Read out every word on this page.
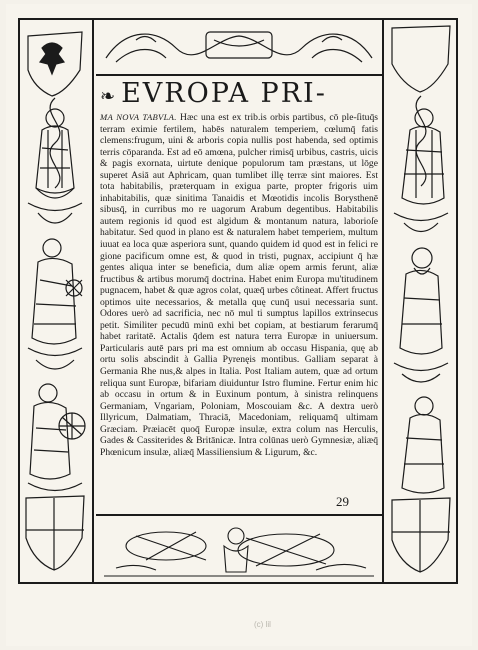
❧ EVROPA PRI-
MA NOVA TABVLA. Hæc una est ex trib.is orbis partibus, cō ple-ſituq̄s terram eximie fertilem, habēs naturalem temperiem, cœlumq̄ fatis clemens:frugum, uini & arboris copia nullis post habenda, sed optimis terris cōparanda. Est ad eō amœna, pulcher rimisq̄ urbibus, castris, uicis & pagis exornata, uirtute denique populorum tam præstans, ut lōge superet Asiā aut Aphricam, quan tumlibet illę terræ sint maiores. Est tota habitabilis, præterquam in exigua parte, propter frigoris uim inhabitabilis, quæ sinitima Tanaidis et Mœotidis incolis Borysthenē sibusq̄, in curribus mo re uagorum Arabum degentibus. Habitabilis autem regionis id quod est algidum & montanum natura, laborioſe habitatur. Sed quod in plano est & naturalem habet temperiem, multum iuuat ea loca quæ asperiora sunt, quando quidem id quod est in felici re gione pacificum omne est, & quod in tristi, pugnax, accipiunt q̄ hæ gentes aliqua inter se beneficia, dum aliæ opem armis ferunt, aliæ fructibus & artibus morumq̄ doctrina. Habet enim Europa mu'titudinem pugnacem, habet & quæ agros colat, quæq̄ urbes côtineat. Affert fructus optimos uite necessarios, & metalla quę cunq̄ usui necessaria sunt. Odores uerò ad sacrificia, nec nō mul ti sumptus lapillos extrinsecus petit. Similiter pecudū minū exhi bet copiam, at bestiarum ferarumq̄ habet raritatē. Actalis q̄dem est natura terra Europæ in uniuersum. Particularis autē pars pri ma est omnium ab occasu Hispania, quę ab ortu solis abscindit à Gallia Pyrenęis montibus. Galliam separat à Germania Rhe nus,& alpes in Italia. Post Italiam autem, quæ ad ortum reliqua sunt Europæ, bifariam diuiduntur Istro flumine. Fertur enim hic ab occasu in ortum & in Euxinum pontum, à sinistra relinquens Germaniam, Vngariam, Poloniam, Moscouiam &c. A dextra uerò Illyricum, Dalmatiam, Thraciā, Macedoniam, reliquamq̄ ultimam Græciam. Præiacēt quoq̄ Europæ insulæ, extra colum nas Herculis, Gades & Cassiterides & Britānicæ. Intra colūnas uerò Gymnesiæ, aliæq̄ Phœnicum insulæ, aliæq̄ Massiliensium & Ligurum, &c.
29
(c) lil
